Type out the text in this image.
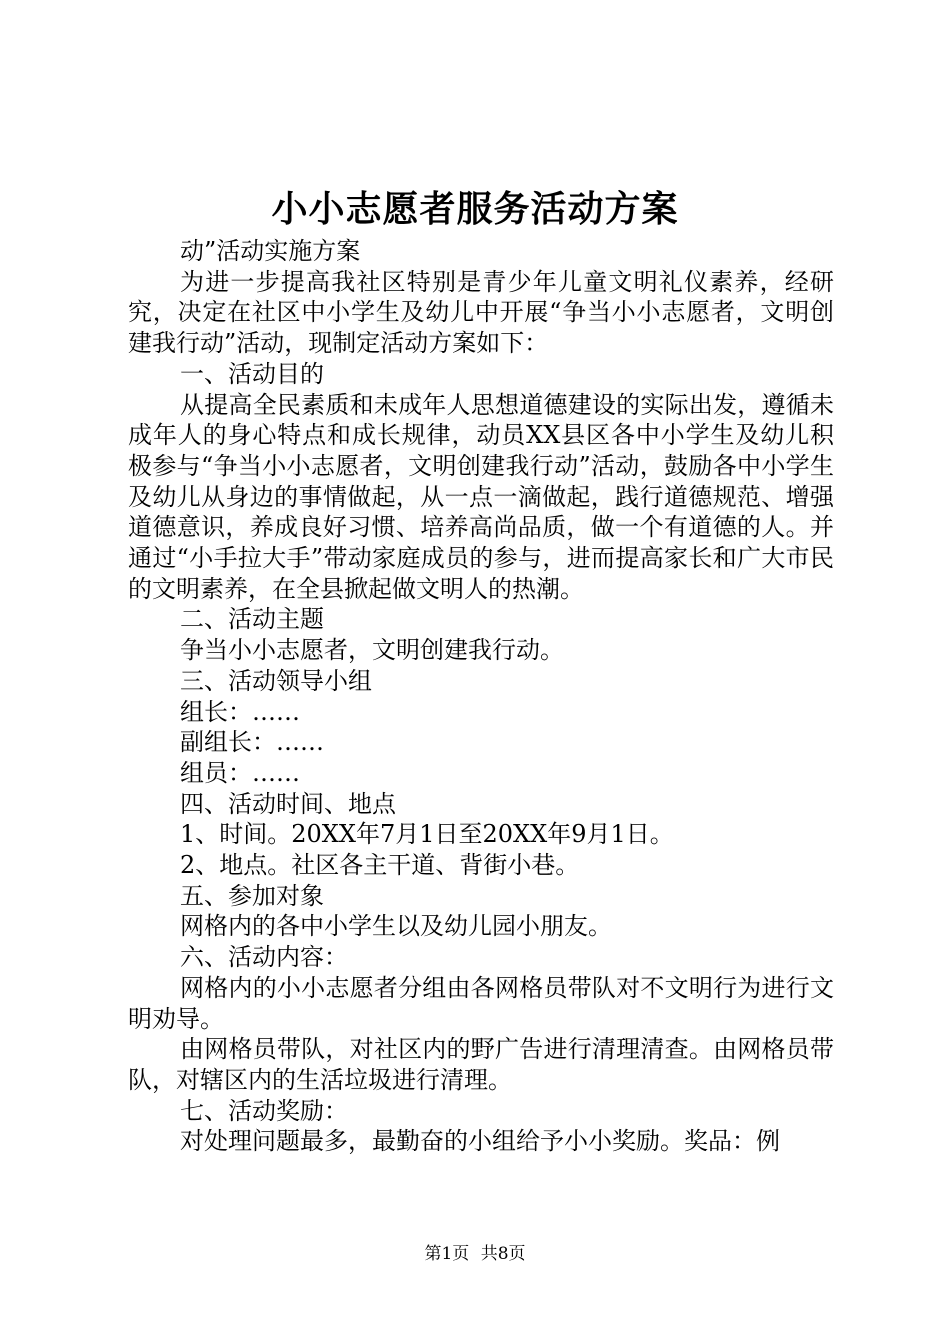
小小志愿者服务活动方案

动”活动实施方案

为进一步提高我社区特别是青少年儿童文明礼仪素养，经研究，决定在社区中小学生及幼儿中开展“争当小小志愿者，文明创建我行动”活动，现制定活动方案如下：

一、活动目的

从提高全民素质和未成年人思想道德建设的实际出发，遵循未成年人的身心特点和成长规律，动员XX县区各中小学生及幼儿积极参与“争当小小志愿者，文明创建我行动”活动，鼓励各中小学生及幼儿从身边的事情做起，从一点一滴做起，践行道德规范、增强道德意识，养成良好习惯、培养高尚品质，做一个有道德的人。并通过“小手拉大手”带动家庭成员的参与，进而提高家长和广大市民的文明素养，在全县掀起做文明人的热潮。

二、活动主题

争当小小志愿者，文明创建我行动。

三、活动领导小组

组长：……

副组长：……

组员：……

四、活动时间、地点

1、时间。20XX年7月1日至20XX年9月1日。

2、地点。社区各主干道、背街小巷。

五、参加对象

网格内的各中小学生以及幼儿园小朋友。

六、活动内容：

网格内的小小志愿者分组由各网格员带队对不文明行为进行文明劝导。

由网格员带队，对社区内的野广告进行清理清查。由网格员带队，对辖区内的生活垃圾进行清理。

七、活动奖励：

对处理问题最多，最勤奋的小组给予小小奖励。奖品：例

第1页 共8页
